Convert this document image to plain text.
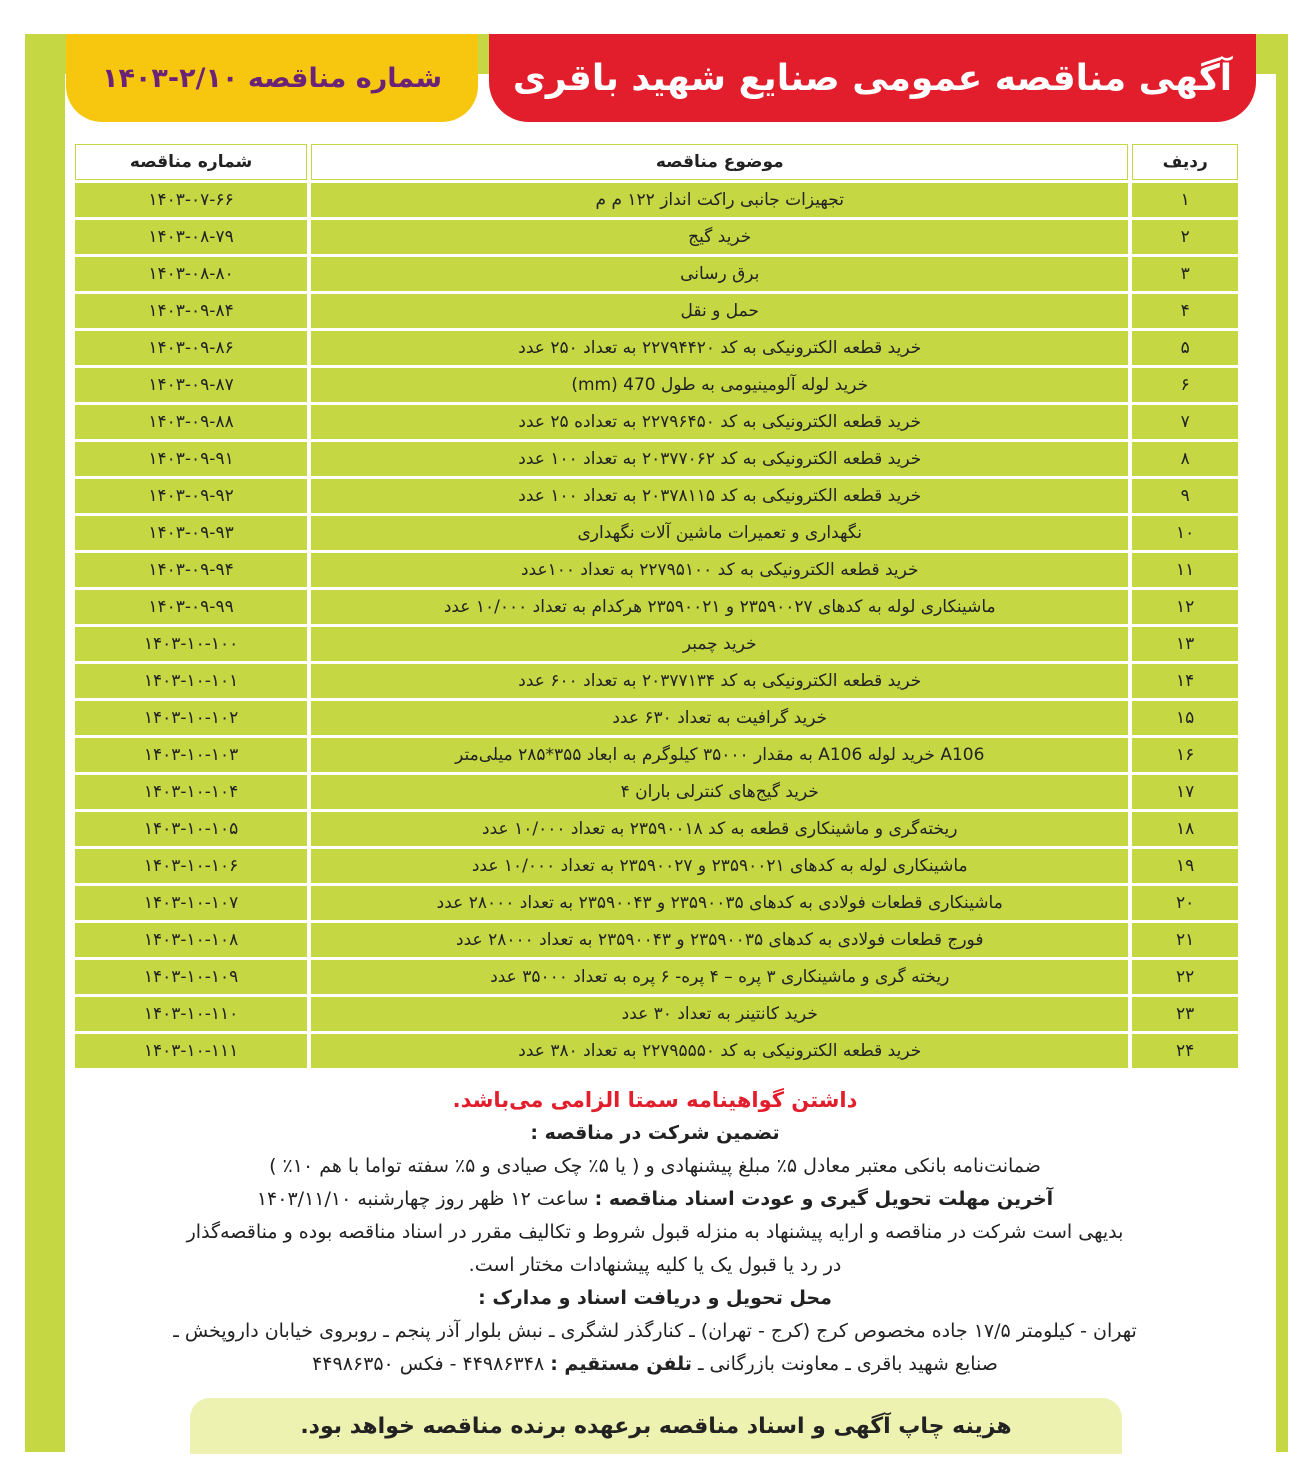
آگهی مناقصه عمومی صنایع شهید باقری
شماره مناقصه ۲/۱۰-۱۴۰۳
ردیف	موضوع مناقصه	شماره مناقصه
۱	تجهیزات جانبی راکت انداز ۱۲۲ م م	۱۴۰۳-۰۷-۶۶
۲	خرید گیج	۱۴۰۳-۰۸-۷۹
۳	برق رسانی	۱۴۰۳-۰۸-۸۰
۴	حمل و نقل	۱۴۰۳-۰۹-۸۴
۵	خرید قطعه الکترونیکی به کد ۲۲۷۹۴۴۲۰ به تعداد ۲۵۰ عدد	۱۴۰۳-۰۹-۸۶
۶	خرید لوله آلومینیومی به طول 470 (mm)	۱۴۰۳-۰۹-۸۷
۷	خرید قطعه الکترونیکی به کد ۲۲۷۹۶۴۵۰ به تعداده ۲۵ عدد	۱۴۰۳-۰۹-۸۸
۸	خرید قطعه الکترونیکی به کد ۲۰۳۷۷۰۶۲ به تعداد ۱۰۰ عدد	۱۴۰۳-۰۹-۹۱
۹	خرید قطعه الکترونیکی به کد ۲۰۳۷۸۱۱۵ به تعداد ۱۰۰ عدد	۱۴۰۳-۰۹-۹۲
۱۰	نگهداری و تعمیرات ماشین آلات نگهداری	۱۴۰۳-۰۹-۹۳
۱۱	خرید قطعه الکترونیکی به کد ۲۲۷۹۵۱۰۰ به تعداد ۱۰۰عدد	۱۴۰۳-۰۹-۹۴
۱۲	ماشینکاری لوله به کدهای ۲۳۵۹۰۰۲۷ و ۲۳۵۹۰۰۲۱ هرکدام به تعداد ۱۰/۰۰۰ عدد	۱۴۰۳-۰۹-۹۹
۱۳	خرید چمبر	۱۴۰۳-۱۰-۱۰۰
۱۴	خرید قطعه الکترونیکی به کد ۲۰۳۷۷۱۳۴ به تعداد ۶۰۰ عدد	۱۴۰۳-۱۰-۱۰۱
۱۵	خرید گرافیت به تعداد ۶۳۰ عدد	۱۴۰۳-۱۰-۱۰۲
۱۶	A106 خرید لوله A106 به مقدار ۳۵۰۰۰ کیلوگرم به ابعاد ۳۵۵*۲۸۵ میلی‌متر	۱۴۰۳-۱۰-۱۰۳
۱۷	خرید گیج‌های کنترلی باران ۴	۱۴۰۳-۱۰-۱۰۴
۱۸	ریخته‌گری و ماشینکاری قطعه به کد ۲۳۵۹۰۰۱۸ به تعداد ۱۰/۰۰۰ عدد	۱۴۰۳-۱۰-۱۰۵
۱۹	ماشینکاری لوله به کدهای ۲۳۵۹۰۰۲۱ و ۲۳۵۹۰۰۲۷ به تعداد ۱۰/۰۰۰ عدد	۱۴۰۳-۱۰-۱۰۶
۲۰	ماشینکاری قطعات فولادی به کدهای ۲۳۵۹۰۰۳۵ و ۲۳۵۹۰۰۴۳ به تعداد ۲۸۰۰۰ عدد	۱۴۰۳-۱۰-۱۰۷
۲۱	فورج قطعات فولادی به کدهای ۲۳۵۹۰۰۳۵ و ۲۳۵۹۰۰۴۳ به تعداد ۲۸۰۰۰ عدد	۱۴۰۳-۱۰-۱۰۸
۲۲	ریخته گری و ماشینکاری ۳ پره – ۴ پره- ۶ پره به تعداد ۳۵۰۰۰ عدد	۱۴۰۳-۱۰-۱۰۹
۲۳	خرید کانتینر به تعداد ۳۰ عدد	۱۴۰۳-۱۰-۱۱۰
۲۴	خرید قطعه الکترونیکی به کد ۲۲۷۹۵۵۵۰ به تعداد ۳۸۰ عدد	۱۴۰۳-۱۰-۱۱۱
داشتن گواهینامه سمتا الزامی می‌باشد.
تضمین شرکت در مناقصه :
ضمانت‌نامه بانکی معتبر معادل ۵٪ مبلغ پیشنهادی و ( یا ۵٪ چک صیادی و ۵٪ سفته تواما با هم ۱۰٪ )
آخرین مهلت تحویل گیری و عودت اسناد مناقصه : ساعت ۱۲ ظهر روز چهارشنبه ۱۴۰۳/۱۱/۱۰
بدیهی است شرکت در مناقصه و ارایه پیشنهاد به منزله قبول شروط و تکالیف مقرر در اسناد مناقصه بوده و مناقصه‌گذار
در رد یا قبول یک یا کلیه پیشنهادات مختار است.
محل تحویل و دریافت اسناد و مدارک :
تهران - کیلومتر ۱۷/۵ جاده مخصوص کرج (کرج - تهران) ـ کنارگذر لشگری ـ نبش بلوار آذر پنجم ـ روبروی خیابان داروپخش ـ
صنایع شهید باقری ـ معاونت بازرگانی ـ تلفن مستقیم : ۴۴۹۸۶۳۴۸ - فکس ۴۴۹۸۶۳۵۰
هزینه چاپ آگهی و اسناد مناقصه برعهده برنده مناقصه خواهد بود.
